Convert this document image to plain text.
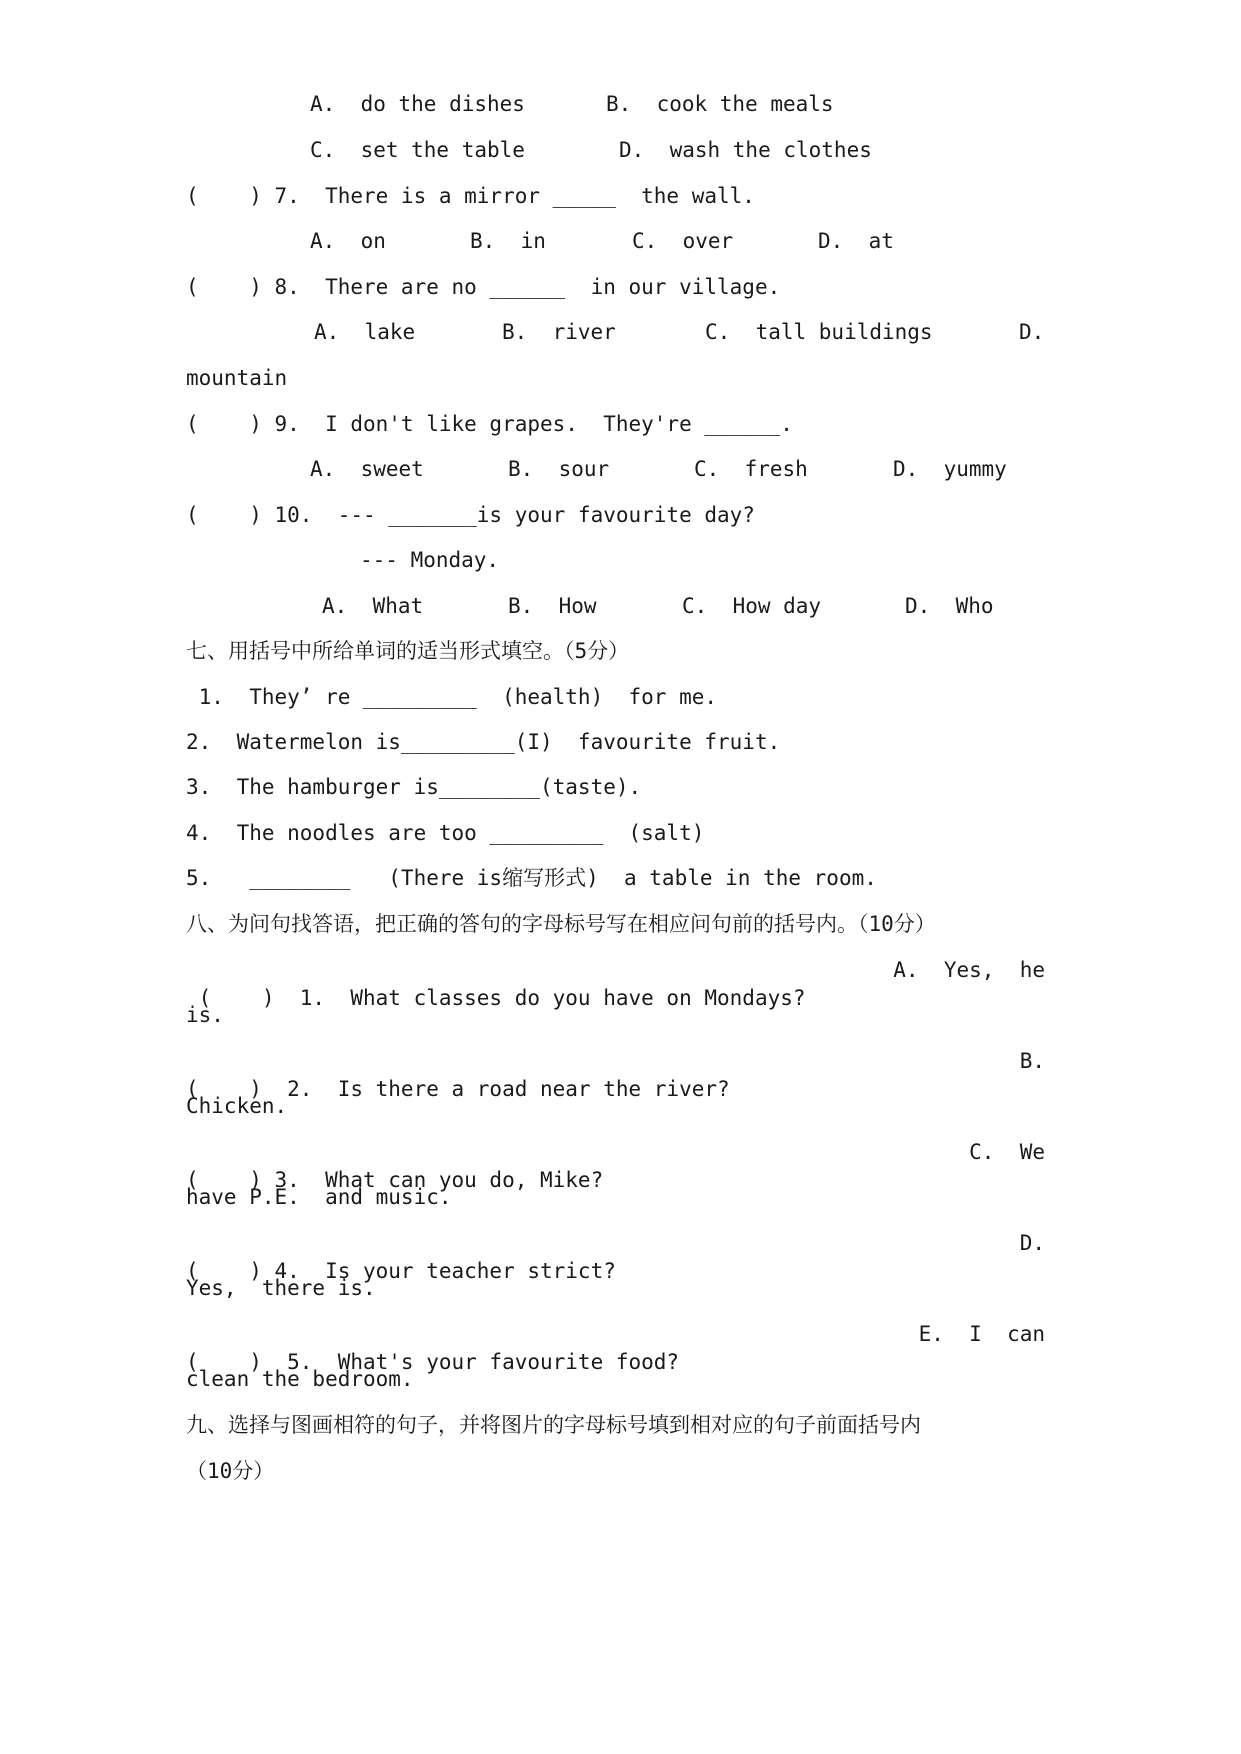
A.  do the dishes	B.  cook the meals
C.  set the table	D.  wash the clothes
(    ) 7.  There is a mirror _____  the wall.
A.  on	B.  in	C.  over	D.  at
(    ) 8.  There are no ______  in our village.
A.  lake	B.  river	C.  tall buildings	D.
mountain
(    ) 9.  I don't like grapes.  They're ______.
A.  sweet	B.  sour	C.  fresh	D.  yummy
(    ) 10.  --- _______is your favourite day?
--- Monday.
A.  What	B.  How	C.  How day	D.  Who
七、用括号中所给单词的适当形式填空。（5分）
1.  They’ re _________  (health)  for me.
2.  Watermelon is_________(I)  favourite fruit.
3.  The hamburger is________(taste).
4.  The noodles are too _________  (salt)
5.   ________   (There is缩写形式)  a table in the room.
八、为问句找答语，把正确的答句的字母标号写在相应问句前的括号内。（10分）

(    )  1.  What classes do you have on Mondays?

A.  Yes,  he

is.

(    )  2.  Is there a road near the river?

B.

Chicken.

(    ) 3.  What can you do, Mike?

C.  We

have P.E.  and music.

(    ) 4.  Is your teacher strict?

D.

Yes,  there is.

(    )  5.  What's your favourite food?

E.  I  can

clean the bedroom.
九、选择与图画相符的句子，并将图片的字母标号填到相对应的句子前面括号内
（10分）
